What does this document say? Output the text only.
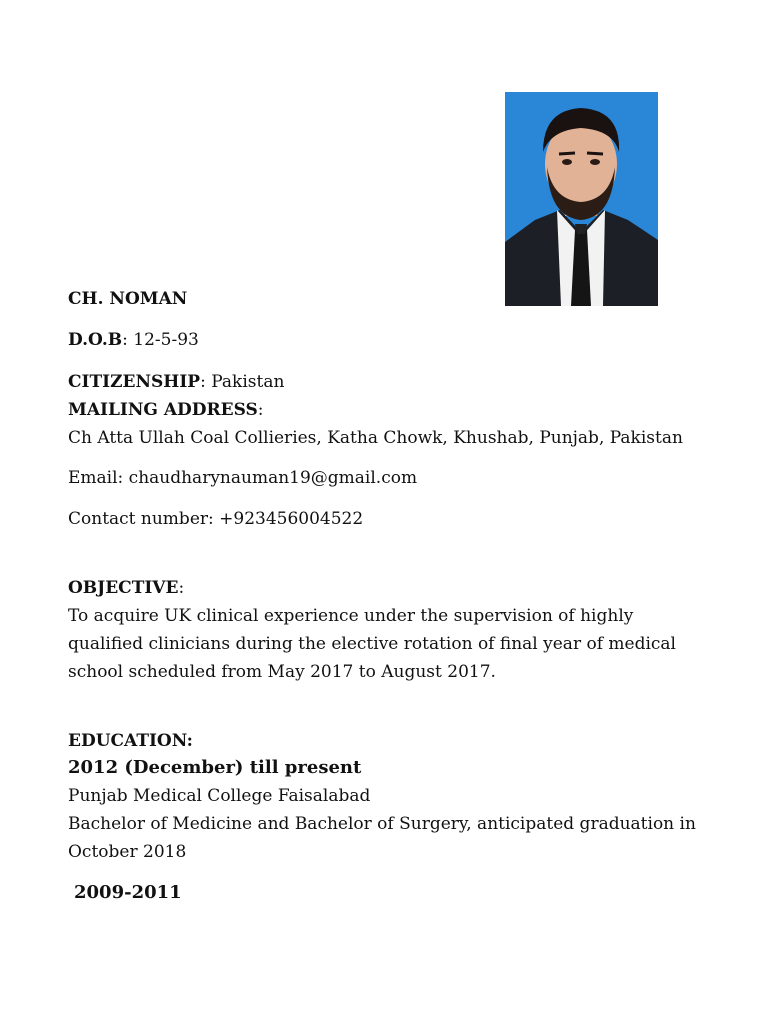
CH. NOMAN
D.O.B: 12-5-93
CITIZENSHIP: Pakistan
MAILING ADDRESS:
Ch Atta Ullah Coal Collieries, Katha Chowk, Khushab, Punjab, Pakistan
Email: chaudharynauman19@gmail.com
Contact number: +923456004522
OBJECTIVE:
To acquire UK clinical experience under the supervision of highly
qualified clinicians during the elective rotation of final year of medical
school scheduled from May 2017 to August 2017.
EDUCATION:
2012 (December) till present
Punjab Medical College Faisalabad
Bachelor of Medicine and Bachelor of Surgery, anticipated graduation in
October 2018
2009-2011
